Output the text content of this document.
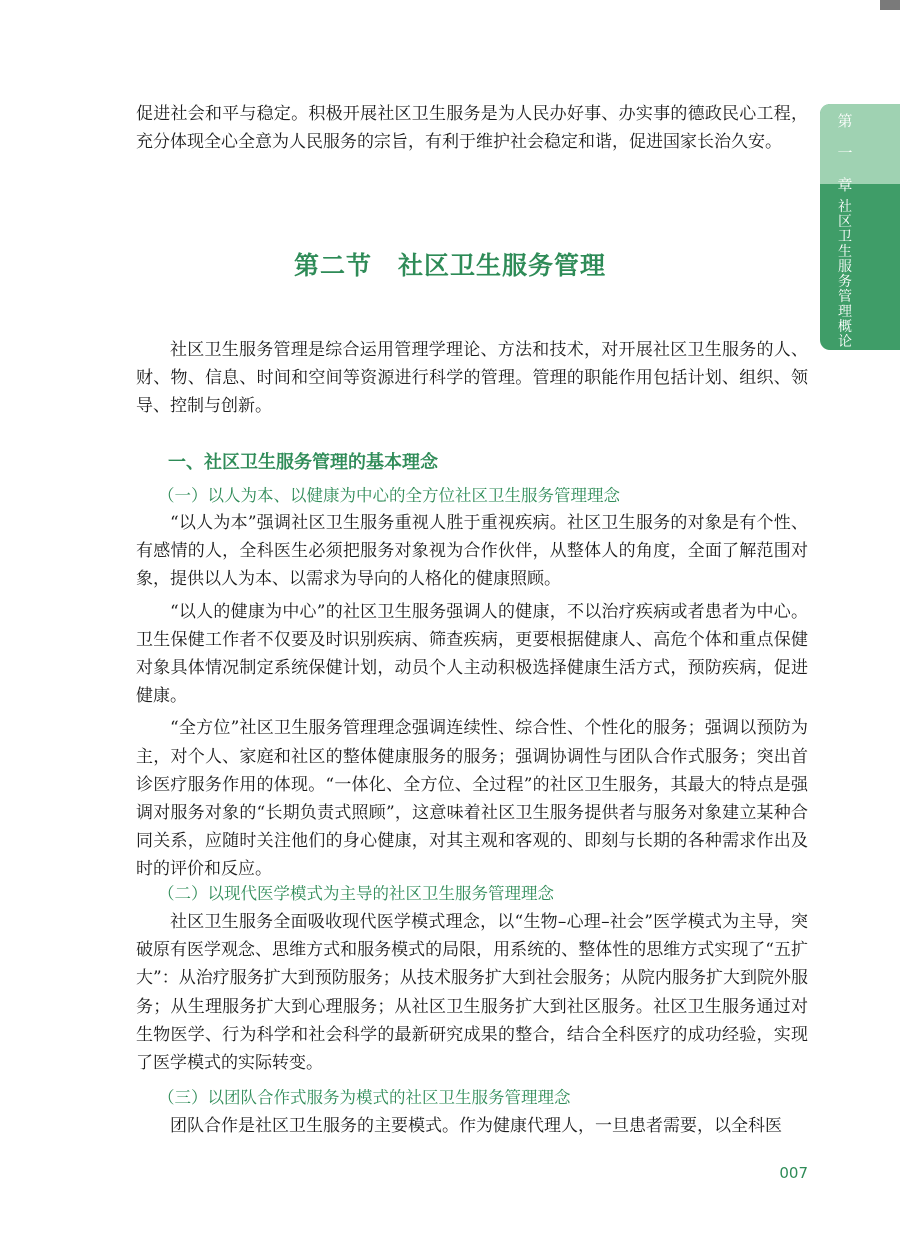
第
一
章
社
区
卫
生
服
务
管
理
概
论

促进社会和平与稳定。积极开展社区卫生服务是为人民办好事、办实事的德政民心工程，充分体现全心全意为人民服务的宗旨，有利于维护社会稳定和谐，促进国家长治久安。

第二节　社区卫生服务管理

社区卫生服务管理是综合运用管理学理论、方法和技术，对开展社区卫生服务的人、财、物、信息、时间和空间等资源进行科学的管理。管理的职能作用包括计划、组织、领导、控制与创新。

一、社区卫生服务管理的基本理念
（一）以人为本、以健康为中心的全方位社区卫生服务管理理念

“以人为本”强调社区卫生服务重视人胜于重视疾病。社区卫生服务的对象是有个性、有感情的人，全科医生必须把服务对象视为合作伙伴，从整体人的角度，全面了解范围对象，提供以人为本、以需求为导向的人格化的健康照顾。

“以人的健康为中心”的社区卫生服务强调人的健康，不以治疗疾病或者患者为中心。卫生保健工作者不仅要及时识别疾病、筛查疾病，更要根据健康人、高危个体和重点保健对象具体情况制定系统保健计划，动员个人主动积极选择健康生活方式，预防疾病，促进健康。

“全方位”社区卫生服务管理理念强调连续性、综合性、个性化的服务；强调以预防为主，对个人、家庭和社区的整体健康服务的服务；强调协调性与团队合作式服务；突出首诊医疗服务作用的体现。“一体化、全方位、全过程”的社区卫生服务，其最大的特点是强调对服务对象的“长期负责式照顾”，这意味着社区卫生服务提供者与服务对象建立某种合同关系，应随时关注他们的身心健康，对其主观和客观的、即刻与长期的各种需求作出及时的评价和反应。

（二）以现代医学模式为主导的社区卫生服务管理理念

社区卫生服务全面吸收现代医学模式理念，以“生物–心理–社会”医学模式为主导，突破原有医学观念、思维方式和服务模式的局限，用系统的、整体性的思维方式实现了“五扩大”：从治疗服务扩大到预防服务；从技术服务扩大到社会服务；从院内服务扩大到院外服务；从生理服务扩大到心理服务；从社区卫生服务扩大到社区服务。社区卫生服务通过对生物医学、行为科学和社会科学的最新研究成果的整合，结合全科医疗的成功经验，实现了医学模式的实际转变。

（三）以团队合作式服务为模式的社区卫生服务管理理念

团队合作是社区卫生服务的主要模式。作为健康代理人，一旦患者需要，以全科医

007
